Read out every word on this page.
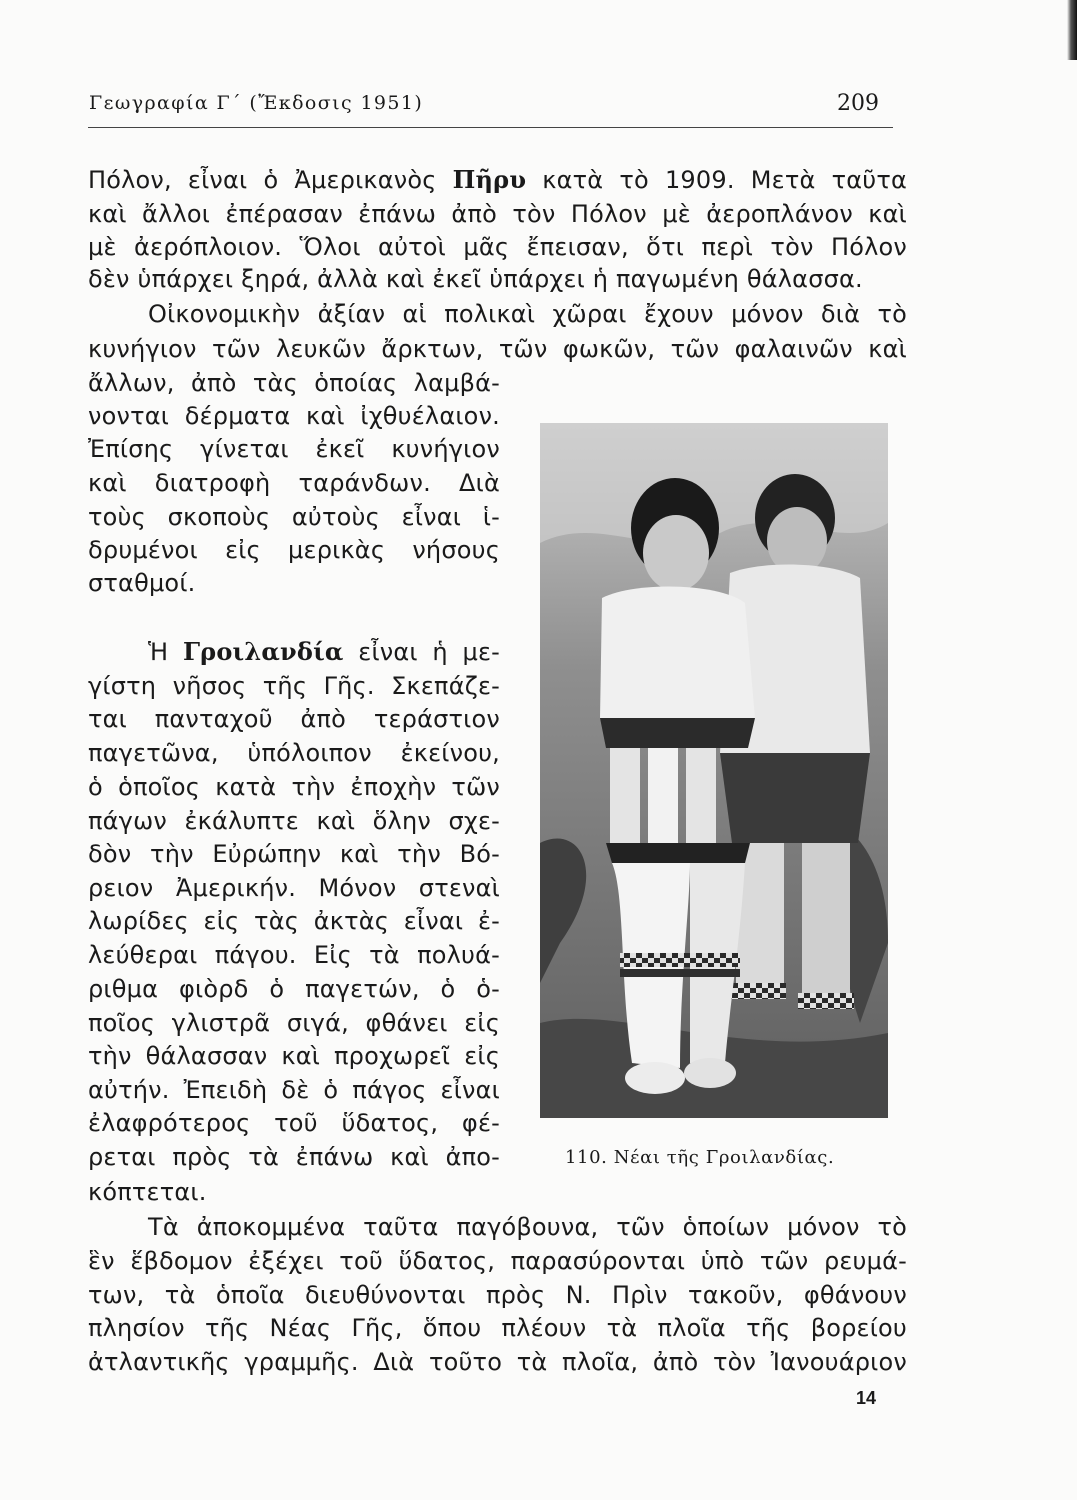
Γεωγραφία Γ΄ (Ἔκδοσις 1951)	209
Πόλον, εἶναι ὁ Ἀμερικανὸς Πῆρυ κατὰ τὸ 1909. Μετὰ ταῦτα
καὶ ἄλλοι ἐπέρασαν ἐπάνω ἀπὸ τὸν Πόλον μὲ ἀεροπλάνον καὶ
μὲ ἀερόπλοιον. Ὅλοι αὐτοὶ μᾶς ἔπεισαν, ὅτι περὶ τὸν Πόλον
δὲν ὑπάρχει ξηρά, ἀλλὰ καὶ ἐκεῖ ὑπάρχει ἡ παγωμένη θάλασσα.
Οἰκονομικὴν ἀξίαν αἱ πολικαὶ χῶραι ἔχουν μόνον διὰ τὸ
κυνήγιον τῶν λευκῶν ἄρκτων, τῶν φωκῶν, τῶν φαλαινῶν καὶ
ἄλλων, ἀπὸ τὰς ὁποίας λαμβά-
νονται δέρματα καὶ ἰχθυέλαιον.
Ἐπίσης γίνεται ἐκεῖ κυνήγιον
καὶ διατροφὴ ταράνδων. Διὰ
τοὺς σκοποὺς αὐτοὺς εἶναι ἱ-
δρυμένοι εἰς μερικὰς νήσους
σταθμοί.
Ἡ Γροιλανδία εἶναι ἡ με-
γίστη νῆσος τῆς Γῆς. Σκεπάζε-
ται πανταχοῦ ἀπὸ τεράστιον
παγετῶνα, ὑπόλοιπον ἐκείνου,
ὁ ὁποῖος κατὰ τὴν ἐποχὴν τῶν
πάγων ἐκάλυπτε καὶ ὅλην σχε-
δὸν τὴν Εὐρώπην καὶ τὴν Βό-
ρειον Ἀμερικήν. Μόνον στεναὶ
λωρίδες εἰς τὰς ἀκτὰς εἶναι ἐ-
λεύθεραι πάγου. Εἰς τὰ πολυά-
ριθμα φιὸρδ ὁ παγετών, ὁ ὁ-
ποῖος γλιστρᾶ σιγά, φθάνει εἰς
τὴν θάλασσαν καὶ προχωρεῖ εἰς
αὐτήν. Ἐπειδὴ δὲ ὁ πάγος εἶναι
ἐλαφρότερος τοῦ ὕδατος, φέ-
ρεται πρὸς τὰ ἐπάνω καὶ ἀπο-
κόπτεται.
Τὰ ἀποκομμένα ταῦτα παγόβουνα, τῶν ὁποίων μόνον τὸ
ἓν ἕβδομον ἐξέχει τοῦ ὕδατος, παρασύρονται ὑπὸ τῶν ρευμά-
των, τὰ ὁποῖα διευθύνονται πρὸς Ν. Πρὶν τακοῦν, φθάνουν
πλησίον τῆς Νέας Γῆς, ὅπου πλέουν τὰ πλοῖα τῆς βορείου
ἀτλαντικῆς γραμμῆς. Διὰ τοῦτο τὰ πλοῖα, ἀπὸ τὸν Ἰανουάριον
110. Νέαι τῆς Γροιλανδίας.
14
